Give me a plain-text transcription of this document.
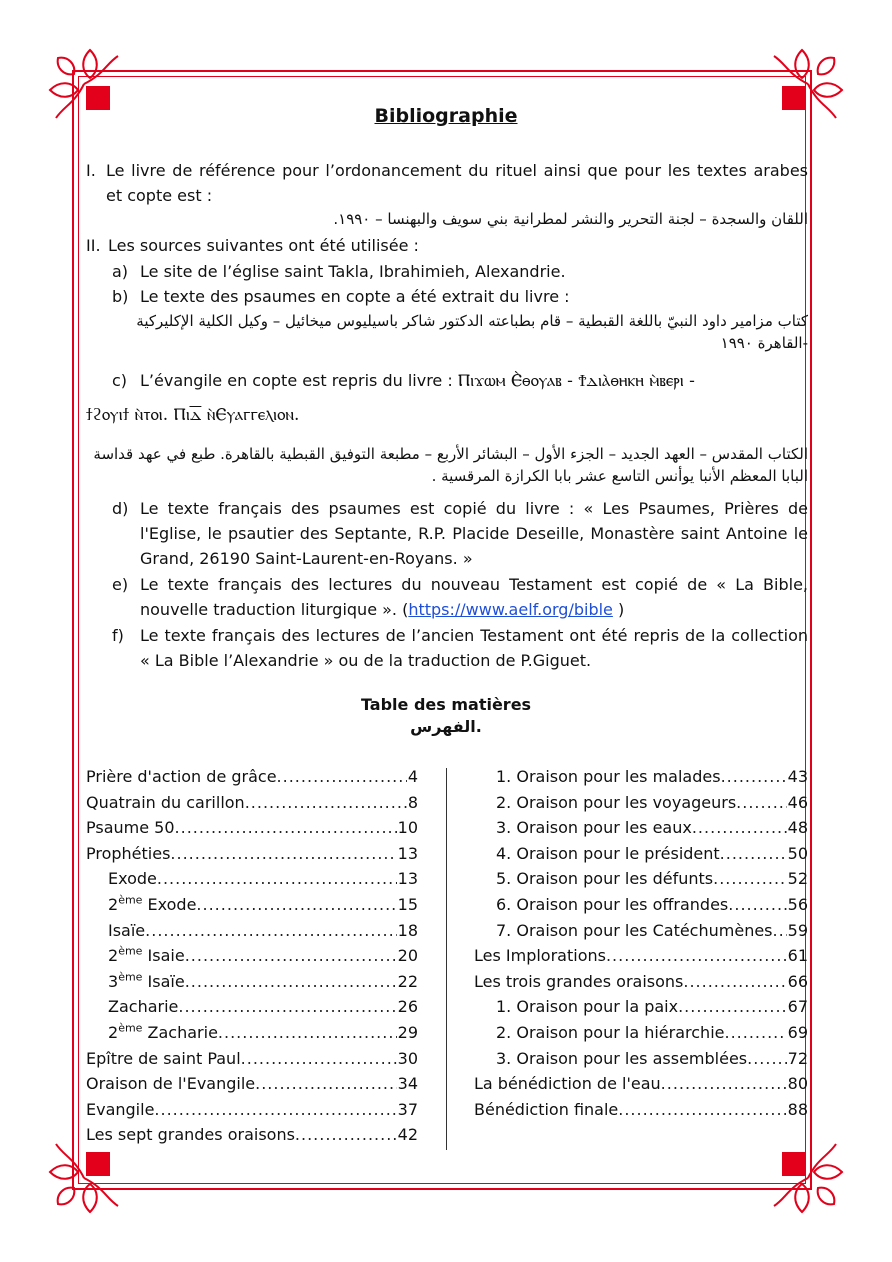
Bibliographie
I. Le livre de référence pour l’ordonancement du rituel ainsi que pour les textes arabes et copte est :
اللقان والسجدة – لجنة التحرير والنشر لمطرانية بني سويف والبهنسا – ١٩٩٠.
II. Les sources suivantes ont été utilisée :
a) Le site de l’église saint Takla, Ibrahimieh, Alexandrie.
b) Le texte des psaumes en copte a été extrait du livre :
كتاب مزامير داود النبيّ باللغة القبطية – قام بطباعته الدكتور شاكر باسيليوس ميخائيل – وكيل الكلية الإكليركية -القاهرة ١٩٩٠
c) L’évangile en copte est repris du livre : Ⲡⲓϫⲱⲙ Ⲉ̀ⲑⲟⲩⲁⲃ - Ϯⲇⲓⲁ̀ⲑⲏⲕⲏ ⲙ̀ⲃⲉⲣⲓ -
ϯϩⲟⲩⲓϯ ⲛ̀ⲧⲟⲓ. Ⲡⲓⲇ̅ ⲛ̀Ⲉⲩⲁⲅⲅⲉⲗⲓⲟⲛ.
الكتاب المقدس – العهد الجديد – الجزء الأول – البشائر الأربع – مطبعة التوفيق القبطية بالقاهرة. طبع في عهد قداسة البابا المعظم الأنبا يوأنس التاسع عشر بابا الكرازة المرقسية .
d) Le texte français des psaumes est copié du livre : « Les Psaumes, Prières de l'Eglise, le psautier des Septante, R.P. Placide Deseille, Monastère saint Antoine le Grand, 26190 Saint-Laurent-en-Royans. »
e) Le texte français des lectures du nouveau Testament est copié de « La Bible, nouvelle traduction liturgique ». (https://www.aelf.org/bible )
f) Le texte français des lectures de l’ancien Testament ont été repris de la collection « La Bible l’Alexandrie » ou de la traduction de P.Giguet.
Table des matières
الفهرس.
Prière d'action de grâce .....	4
Quatrain du carillon .....	8
Psaume 50 .....	10
Prophéties .....	13
Exode .....	13
2ème Exode .....	15
Isaïe .....	18
2ème Isaie .....	20
3ème Isaïe .....	22
Zacharie .....	26
2ème Zacharie .....	29
Epître de saint Paul .....	30
Oraison de l'Evangile .....	34
Evangile .....	37
Les sept grandes oraisons .....	42
1. Oraison pour les malades .....	43
2. Oraison pour les voyageurs .....	46
3. Oraison pour les eaux .....	48
4. Oraison pour le président .....	50
5. Oraison pour les défunts .....	52
6. Oraison pour les offrandes .....	56
7. Oraison pour les Catéchumènes ..... 59
Les Implorations .....	61
Les trois grandes oraisons .....	66
1. Oraison pour la paix .....	67
2. Oraison pour la hiérarchie .....	69
3. Oraison pour les assemblées .....	72
La bénédiction de l'eau .....	80
Bénédiction finale .....	88
